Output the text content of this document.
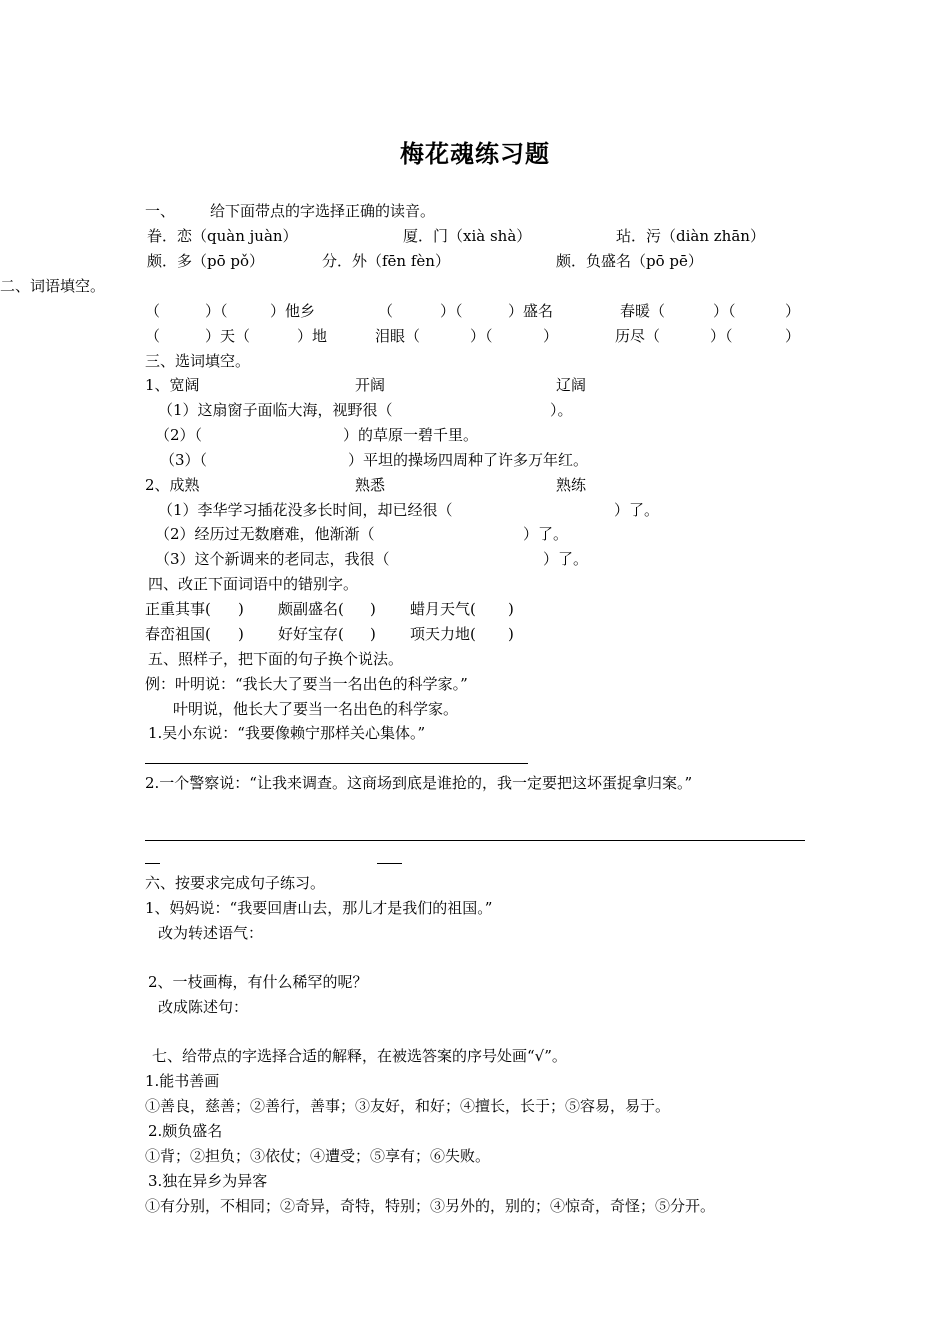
梅花魂练习题
一、 给下面带点的字选择正确的读音。
眷．恋（quàn juàn）	厦．门（xià shà）	玷．污（diàn zhān）
颇．多（pō pǒ）	分．外（fēn fèn）	颇．负盛名（pō pē）
二、词语填空。
（	）（	）他乡	（	）（	）盛名	春暖（	）（	）
（	）天（	）地	泪眼（	）（	）	历尽（	）（	）
三、选词填空。
1、宽阔	开阔	辽阔
（1）这扇窗子面临大海，视野很（	）。
（2）（	）的草原一碧千里。
（3）（	）平坦的操场四周种了许多万年红。
2、成熟	熟悉	熟练
（1）李华学习插花没多长时间，却已经很（	）了。
（2）经历过无数磨难，他渐渐（	）了。
（3）这个新调来的老同志，我很（	）了。
四、改正下面词语中的错别字。
正重其事( ) 颇副盛名( ) 蜡月天气( )
春峦祖国( ) 好好宝存( ) 项天力地( )
五、照样子，把下面的句子换个说法。
例：叶明说：“我长大了要当一名出色的科学家。”
叶明说，他长大了要当一名出色的科学家。
1.吴小东说：“我要像赖宁那样关心集体。”
2.一个警察说：“让我来调查。这商场到底是谁抢的，我一定要把这坏蛋捉拿归案。”
六、按要求完成句子练习。
1、妈妈说：“我要回唐山去，那儿才是我们的祖国。”
改为转述语气：
2、一枝画梅，有什么稀罕的呢？
改成陈述句：
七、给带点的字选择合适的解释，在被选答案的序号处画“√”。
1.能书善画
①善良，慈善；②善行，善事；③友好，和好；④擅长，长于；⑤容易，易于。
2.颇负盛名
①背；②担负；③依仗；④遭受；⑤享有；⑥失败。
3.独在异乡为异客
①有分别，不相同；②奇异，奇特，特别；③另外的，别的；④惊奇，奇怪；⑤分开。
